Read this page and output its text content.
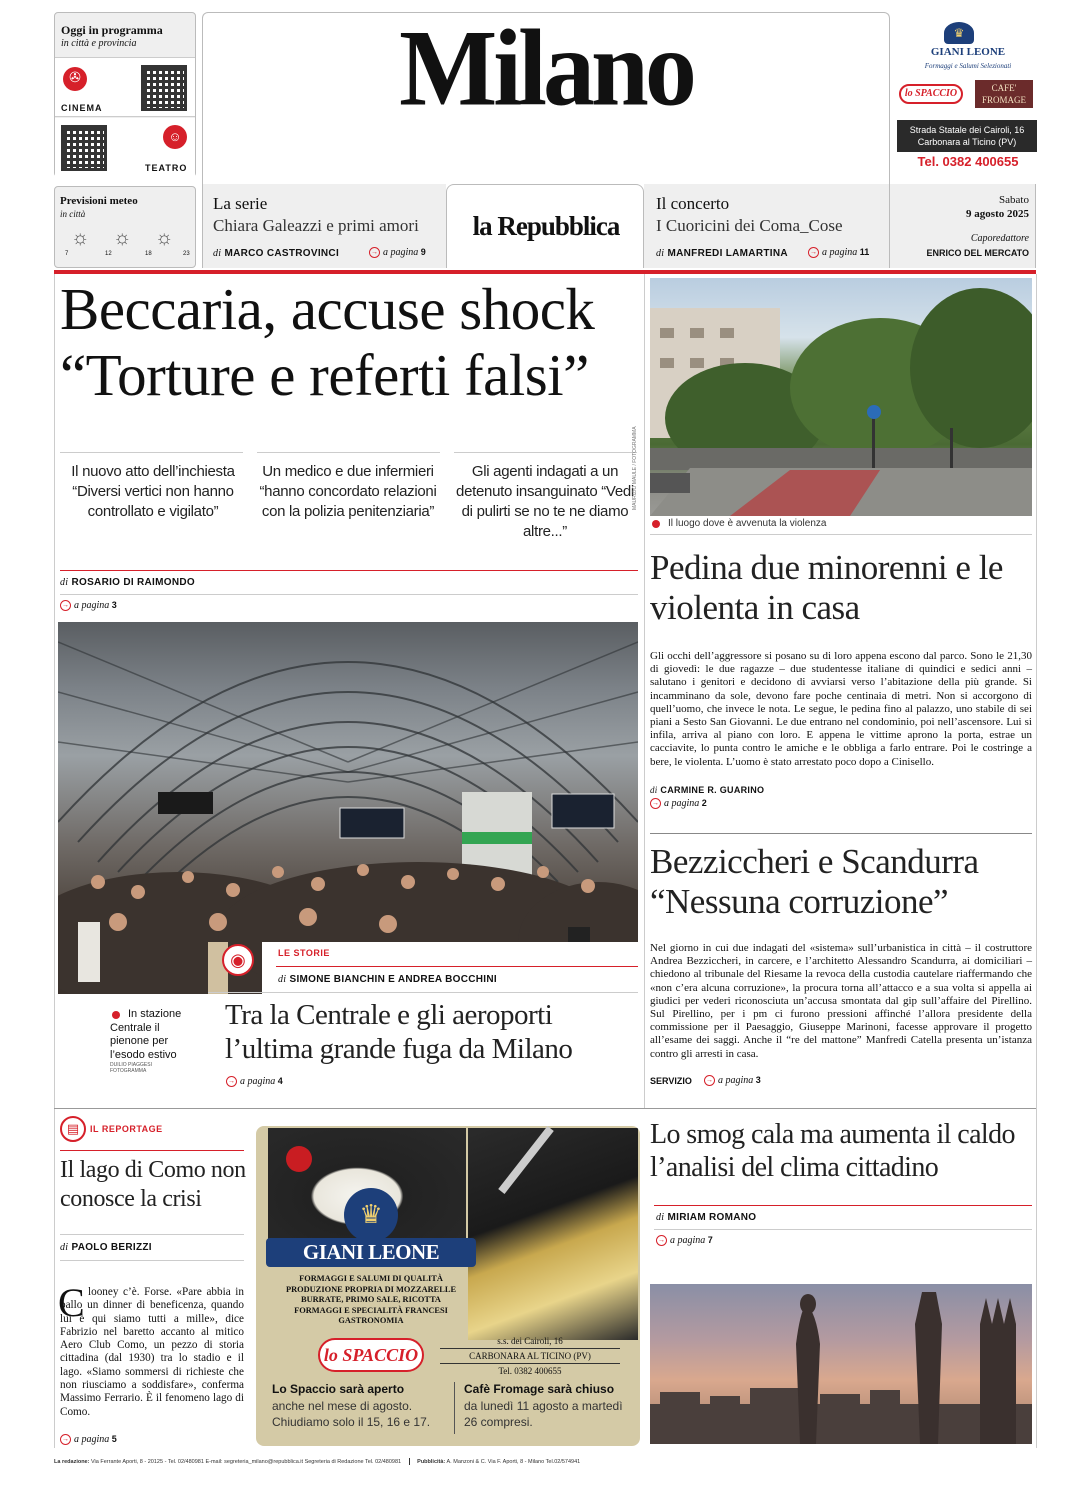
Oggi in programma
in città e provincia
✇
CINEMA
☺
TEATRO
Milano	♛
GIANI LEONE
Formaggi e Salumi Selezionati
lo SPACCIO	CAFE' FROMAGE
Strada Statale dei Cairoli, 16
Carbonara al Ticino (PV)
Tel. 0382 400655
Previsioni meteo
in città
☼ ☼ ☼
7	12	18	23
La serie
Chiara Galeazzi e primi amori
di MARCO CASTROVINCI	→ a pagina 9
la Repubblica
Il concerto
I Cuoricini dei Coma_Cose
di MANFREDI LAMARTINA	→ a pagina 11
Sabato
9 agosto 2025
Caporedattore
ENRICO DEL MERCATO
Beccaria, accuse shock
“Torture e referti falsi”
Il nuovo atto dell’inchiesta “Diversi vertici non hanno controllato e vigilato”
Un medico e due infermieri “hanno concordato relazioni con la polizia penitenziaria”
Gli agenti indagati a un detenuto insanguinato “Vedi di pulirti se no te ne diamo altre...”
di ROSARIO DI RAIMONDO
→ a pagina 3
◉	LE STORIE
di SIMONE BIANCHIN E ANDREA BOCCHINI
In stazione Centrale il pienone per l’esodo estivo
DUILIO PIAGGESI FOTOGRAMMA
Tra la Centrale e gli aeroporti l’ultima grande fuga da Milano
→ a pagina 4
MAURIZIO MAULE / FOTOGRAMMA
Il luogo dove è avvenuta la violenza
Pedina due minorenni e le violenta in casa
Gli occhi dell’aggressore si posano su di loro appena escono dal parco. Sono le 21,30 di giovedì: le due ragazze – due studentesse italiane di quindici e sedici anni – salutano i genitori e decidono di avviarsi verso l’abitazione della più grande. Si incamminano da sole, devono fare poche centinaia di metri. Non si accorgono di quell’uomo, che invece le nota. Le segue, le pedina fino al palazzo, uno stabile di sei piani a Sesto San Giovanni. Le due entrano nel condominio, poi nell’ascensore. Lui si infila, arriva al piano con loro. E appena le vittime aprono la porta, estrae un cacciavite, lo punta contro le amiche e le obbliga a farlo entrare. Poi le costringe a bere, le violenta. L’uomo è stato arrestato poco dopo a Cinisello.
di CARMINE R. GUARINO
→ a pagina 2
Bezziccheri e Scandurra
“Nessuna corruzione”
Nel giorno in cui due indagati del «sistema» sull’urbanistica in città – il costruttore Andrea Bezziccheri, in carcere, e l’architetto Alessandro Scandurra, ai domiciliari – chiedono al tribunale del Riesame la revoca della custodia cautelare riaffermando che «non c’era alcuna corruzione», la procura torna all’attacco e a sua volta si appella ai giudici per vederi riconosciuta un’accusa smontata dal gip sull’affaire del Pirellino. Sul Pirellino, per i pm ci furono pressioni affinché l’allora presidente della commissione per il Paesaggio, Giuseppe Marinoni, facesse approvare il progetto all’esame dei saggi. Anche il “re del mattone” Manfredi Catella presenta un’istanza contro gli arresti in casa.
SERVIZIO → a pagina 3
▤	IL REPORTAGE
Il lago di Como non conosce la crisi
di PAOLO BERIZZI
C looney c’è. Forse. «Pare abbia in ballo un dinner di beneficenza, quando lui è qui siamo tutti a mille», dice Fabrizio nel baretto accanto al mitico Aero Club Como, un pezzo di storia cittadina (dal 1930) tra lo stadio e il lago. «Siamo sommersi di richieste che non riusciamo a soddisfare», conferma Massimo Ferrario. È il fenomeno lago di Como.
→ a pagina 5
♛
GIANI LEONE
FORMAGGI E SALUMI DI QUALITÀ
PRODUZIONE PROPRIA DI MOZZARELLE
BURRATE, PRIMO SALE, RICOTTA
FORMAGGI E SPECIALITÀ FRANCESI
GASTRONOMIA
lo SPACCIO
s.s. dei Cairoli, 16
CARBONARA AL TICINO (PV)
Tel. 0382 400655
Lo Spaccio sarà aperto
anche nel mese di agosto. Chiudiamo solo il 15, 16 e 17.
Cafè Fromage sarà chiuso
da lunedì 11 agosto a martedì 26 compresi.
Lo smog cala ma aumenta il caldo l’analisi del clima cittadino
di MIRIAM ROMANO
→ a pagina 7
La redazione: Via Ferrante Aporti, 8 - 20125 - Tel. 02/480981 E-mail: segreteria_milano@repubblica.it Segreteria di Redazione Tel. 02/480981	Pubblicità: A. Manzoni & C. Via F. Aporti, 8 - Milano Tel.02/574941
